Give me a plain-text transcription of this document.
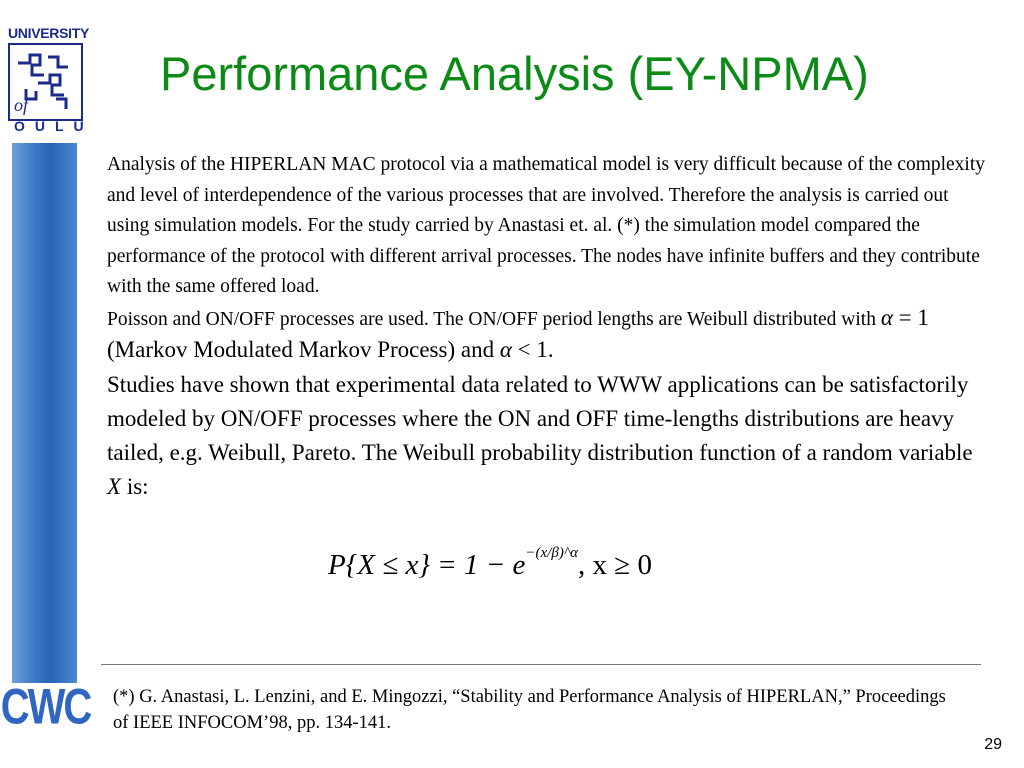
UNIVERSITY
of
OULU
CWC
Performance Analysis (EY-NPMA)

Analysis of the HIPERLAN MAC protocol via a mathematical model is very difficult because of the complexity and level of interdependence of the various processes that are involved. Therefore the analysis is carried out using simulation models. For the study carried by Anastasi et. al. (*) the simulation model compared the performance of the protocol with different arrival processes. The nodes have infinite buffers and they contribute with the same offered load.

Poisson and ON/OFF processes are used. The ON/OFF period lengths are Weibull distributed with α = 1 (Markov Modulated Markov Process) and α < 1.

Studies have shown that experimental data related to WWW applications can be satisfactorily modeled by ON/OFF processes where the ON and OFF time-lengths distributions are heavy tailed, e.g. Weibull, Pareto. The Weibull probability distribution function of a random variable X is:

$P\{X \le x\} = 1 - e^{-(x/\beta)\^{}\alpha}$, x ≥ 0
(*) G. Anastasi, L. Lenzini, and E. Mingozzi, “Stability and Performance Analysis of HIPERLAN,” Proceedings of IEEE INFOCOM’98, pp. 134-141.
29
